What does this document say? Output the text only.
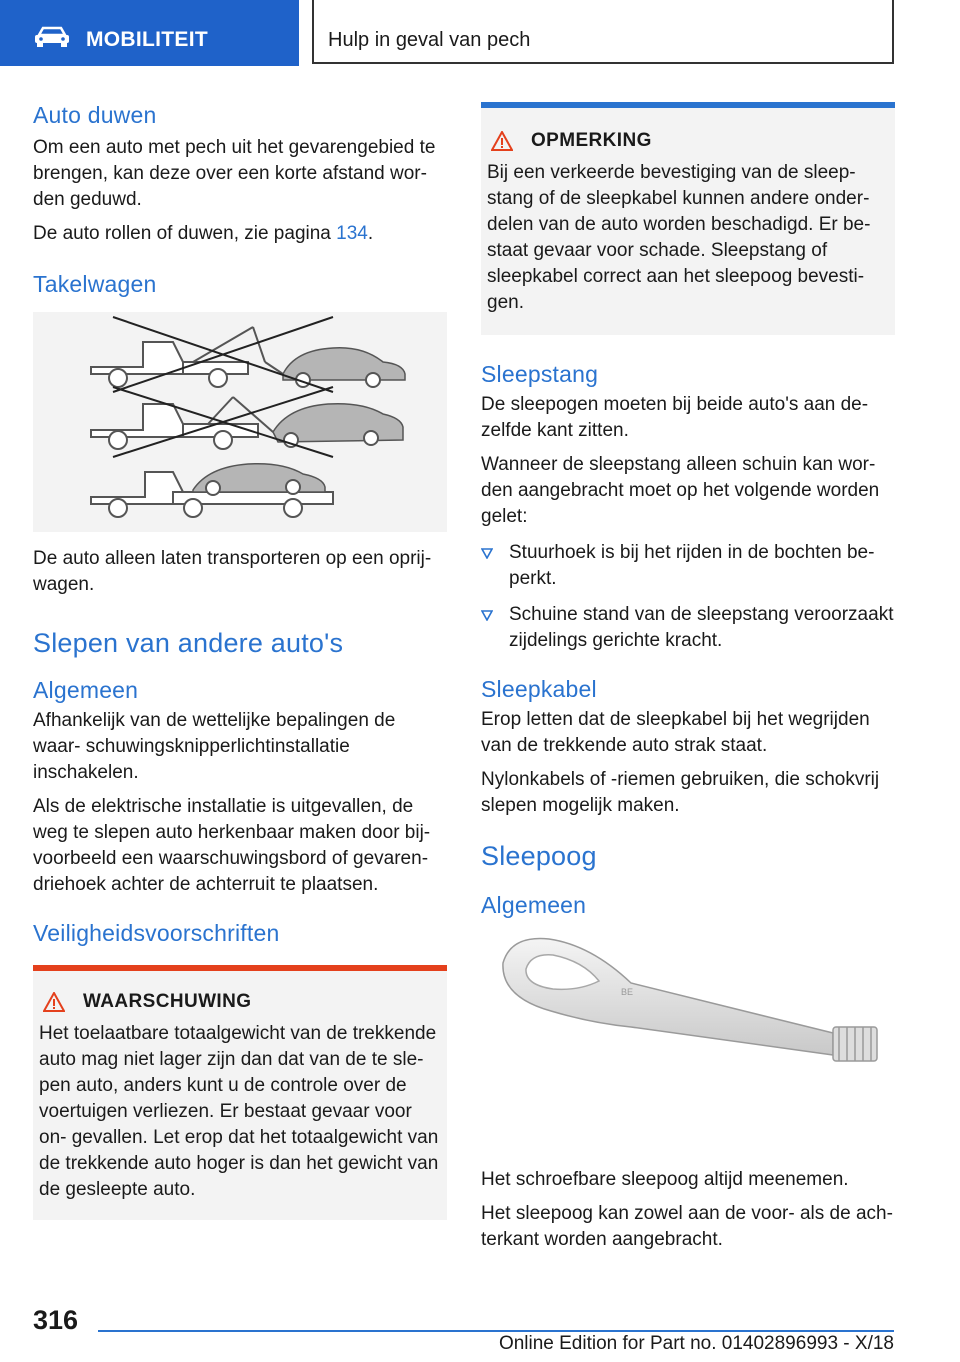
MOBILITEIT	Hulp in geval van pech
Auto duwen

Om een auto met pech uit het gevarengebied te brengen, kan deze over een korte afstand wor- den geduwd.

De auto rollen of duwen, zie pagina 134.

Takelwagen

De auto alleen laten transporteren op een oprij- wagen.

Slepen van andere auto's
Algemeen

Afhankelijk van de wettelijke bepalingen de waar- schuwingsknipperlichtinstallatie inschakelen.

Als de elektrische installatie is uitgevallen, de weg te slepen auto herkenbaar maken door bij- voorbeeld een waarschuwingsbord of gevaren- driehoek achter de achterruit te plaatsen.

Veiligheidsvoorschriften
WAARSCHUWING

Het toelaatbare totaalgewicht van de trekkende auto mag niet lager zijn dan dat van de te sle- pen auto, anders kunt u de controle over de voertuigen verliezen. Er bestaat gevaar voor on- gevallen. Let erop dat het totaalgewicht van de trekkende auto hoger is dan het gewicht van de gesleepte auto.

OPMERKING

Bij een verkeerde bevestiging van de sleep- stang of de sleepkabel kunnen andere onder- delen van de auto worden beschadigd. Er be- staat gevaar voor schade. Sleepstang of sleepkabel correct aan het sleepoog bevesti- gen.

Sleepstang

De sleepogen moeten bij beide auto's aan de- zelfde kant zitten.

Wanneer de sleepstang alleen schuin kan wor- den aangebracht moet op het volgende worden gelet:

Stuurhoek is bij het rijden in de bochten be- perkt.
Schuine stand van de sleepstang veroorzaakt zijdelings gerichte kracht.
Sleepkabel

Erop letten dat de sleepkabel bij het wegrijden van de trekkende auto strak staat.

Nylonkabels of -riemen gebruiken, die schokvrij slepen mogelijk maken.

Sleepoog
Algemeen
BE

Het schroefbare sleepoog altijd meenemen.

Het sleepoog kan zowel aan de voor- als de ach- terkant worden aangebracht.

316
Online Edition for Part no. 01402896993 - X/18
